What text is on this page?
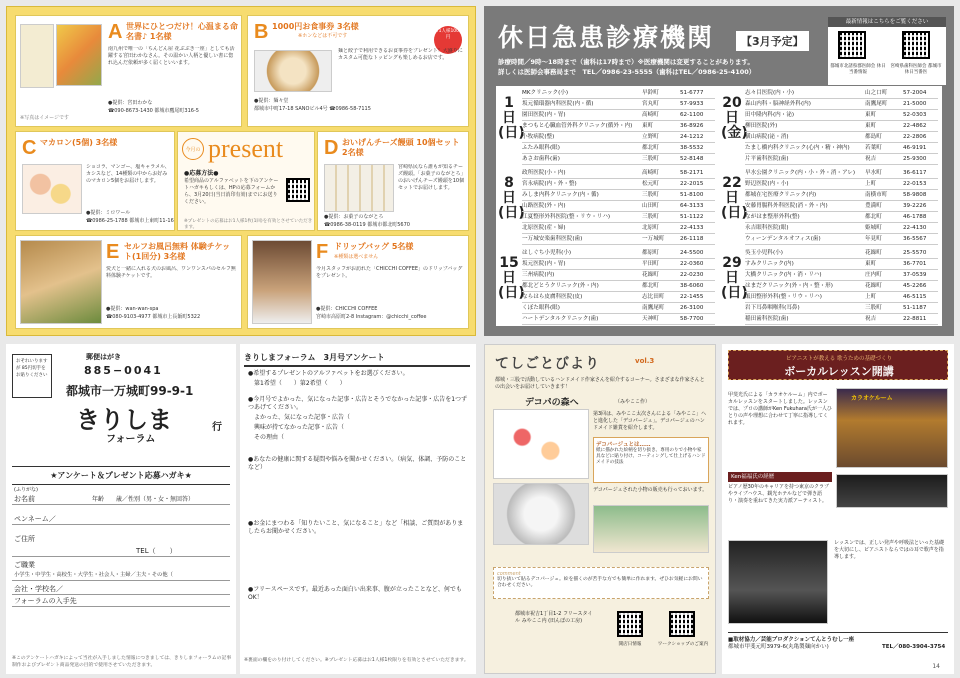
※写真はイメージです
A 世界にひとつだけ！心温まる命名書♪ 1名様
南九州で唯一の「ちんどん屋 花ぶぶき一座」としても活躍する宮田わかなさん。その温かい人柄と優しい書に惚れ込んだ依頼が多く届くといいます。
●提供：宮田わかな
☎090-8673-1430 都城市鷹尾町316-5
B 1000円お食事券 3名様
※ホンなどは不可です
お1人様1000円
麺と餃子で利用できるお食事券をプレゼント！大盛りにカスタム可能なトッピングも楽しめるお店です。
●提供：麺々堂
都城市中町17-18 SANOビル4号 ☎0986-58-7115
C マカロン(5個) 3名様
ショコラ、マンゴー、塩キャラメル、カシスなど、14種類の中からお好みのマカロン5個をお届けします。
●提供：ミロワール
☎0986-25-1788 都城市上東町11-16
今月の present
●応募方法●
希望商品のアルファベットを下のアンケートハガキもしくは、HPの応募フォームから、3月20日(当日消印有効)までにお送りください。
※プレゼントの応募はお1人様1枚(1回)を有効とさせていただきます。
D おいげんチーズ饅頭 10個セット 2名様
宮崎県民なら誰もが知るチーズ饅頭。「お菓子のながとろ」のおいげんチーズ饅頭を10個セットでお届けします。
●提供：お菓子のながとろ
☎0986-38-0119 都城市都北町5670
E セルフお風呂無料 体験チケット(1回分) 3名様
愛犬と一緒に入れる犬のお風呂、ワンワンスパのセルフ無料体験チケットです。
●提供：wan-wan-spa
☎080-9103-4977 都城市上長飯町5322
F ドリップバッグ 5名様
※種類は選べません
今月スタッフがお訪れた「CHICCHI COFFEE」のドリップバッグをプレゼント。
●提供：CHICCHI COFFEE
宮崎市高原町2-8 Instagram：@chicchi_coffee
休日急患診療機関	【3月予定】
診療時間／9時〜18時まで（歯科は17時まで）※医療機関は変更することがあります。
詳しくは医師会事務局まで　TEL／0986-23-5555（歯科はTEL／0986-25-4100）
最新情報はこちらをご覧ください
都城市北諸県郡医師会 休日当番情報
宮崎県歯科医師会 都城市 休日当番医
1日(日)
MKクリニック(小)	早鈴町	51-6777
坂元循環器内科医院(内・循)	宮丸町	57-9933
園田医院(内・胃)	高崎町	62-1100
まつもと心臓血管外科クリニック(循外・内)	東町	36-8926
小牧病院(整)	立野町	24-1212
ふたみ眼科(眼)	都北町	38-5532
あさお歯科(歯)	三股町	52-8148
8日(日)
政所医院(小・内)	高崎町	58-2171
宮永病院(内・外・整)	松元町	22-2015
みしま内科クリニック(内・循)	三股町	51-8100
山路医院(外・内)	山田町	64-3133
江夏整形外科医院(整・リウ・リハ)	三股町	51-1122
北原医院(産・婦)	北原町	22-4133
一万城安楽歯科医院(歯)	一万城町	26-1118
15日(日)
はしぐち小児科(小)	都原町	24-5500
坂元医院(内・胃)	平田町	22-0360
三州病院(内)	花繰町	22-0230
都北どとうクリニック(外・内)	都北町	38-6060
ならはら皮膚科医院(皮)	志比田町	22-1455
くぼた眼科(眼)	南鷹尾町	26-3100
ハートデンタルクリニック(歯)	天神町	58-7700
20日(金)
志々目医院(内・小)	山之口町	57-2004
森山内科・脳神経外科(内)	南鷹尾町	21-5000
田中隆内科(内・泌)	東町	52-0303
柳田医院(外)	東町	22-4862
横山病院(泌・消)	都島町	22-2806
たまし橋内科クリニック(心内・精・神内)	若葉町	46-9191
片平歯科医院(歯)	祝吉	25-9300
22日(日)
早水公園クリニック(内・小・外・消・アレ)	早水町	36-6117
野辺医院(内・小)	上町	22-0153
都城在宅医療クリニック(内)	南横市町	58-9808
安藤胃腸科外科医院(消・外・内)	豊満町	39-2226
ながはま整形外科(整)	都北町	46-1788
永吉眼科医院(眼)	姫城町	22-4130
ウィーンデンタルオフィス(歯)	年見町	36-5567
29日(日)
吳玉小児科(小)	花繰町	25-5570
すみクリニック(内)	東町	36-7701
大橋クリニック(内・消・リハ)	庄内町	37-0539
はまだクリニック(外・内・整・形)	花繰町	45-2266
飯田整形外科(整・リウ・リハ)	上町	46-5115
岩下耳鼻咽喉科(耳鼻)	三股町	51-1187
稲田歯科医院(歯)	祝吉	22-8811
おそれいりますが 85円切手を お貼りください
郵便はがき
885−0041
都城市一万城町99-9-1
きりしま
フォーラム
行
★アンケート＆プレゼント応募ハガキ★
(ふりがな)
お名前	年齢　　歳／性別（男・女・無回答）
ペンネーム／
ご住所
TEL（　　）
ご職業
小学生・中学生・高校生・大学生・社会人・主婦／主夫・その他（
会社・学校名／
フォーラムの入手先
※このアンケートハガキによって当社が入手しました情報につきましては、きりしまフォーラムの記事制作およびプレゼント商品発送の目的で使用させていただきます。
きりしまフォーラム　3月号アンケート
●希望するプレゼントのアルファベットをお選びください。
第1希望（　　）第2希望（　　）
●今月号でよかった、気になった記事・広告とそうでなかった記事・広告を1つずつあげてください。
よかった、気になった記事・広告（
興味が持てなかった記事・広告（
その理由（
●あなたの健康に関する疑問や悩みを聞かせください。（病気、体調、予防のことなど）
●お金にまつわる「知りたいこと、気になること」など「相談、ご質問がありましたらお聞かせください。
●フリースペースです。最近あった面白い出来事、腹が立ったことなど、何でもOK！
※裏面の欄をのり付けしてください。※プレゼント応募はお1人様1枚限りを有効とさせていただきます。
てしごとびより	vol.3
都城・三股で活動しているハンドメイド作家さんを紹介するコーナー。さまざまな作家さんとの出会いをお届けしていきます！
デコパの森へ	（みやここ作）
第3回は、みやここ太次さんによる「みやここ」へと進化した「デコパージュ」。デコパージュのハンドメイド雑貨を紹介します。
デコパージュとは……
紙に描かれた絵柄を切り抜き、専用のりで小物や家具などに貼り付け、コーティングして仕上げるハンドメイドの技法
デコパージュされた小物の販売も行っておいます。
comment
切り抜いて貼るデコパージュ。絵を描くのが苦手な方でも簡単に作れます。ぜひお気軽にお問い合わせください。
都城市祝吉1丁目1-2 フリースタイル みやここ内 (田んぼの工房)
開店日情報	ワークショップのご案内
ピアニストが教える 歌うための基礎づくり
ボーカルレッスン開講
甲斐光氏による「カラオケルーム」内でボーカルレッスンをスタートしました。レッスンでは、プロの講師がKen Fukuhara氏が一人ひとりの声や理想に合わせて丁寧に指導してくれます。
カラオケルーム
Ken福福氏の経歴
ピアノ歴30年のキャリアを持つ東京のクラブやライブハウス、観光ホテルなどで弾き語り・演奏を重ねてきた実力派アーティスト。
レッスンでは、正しい発声や呼吸法といった基礎を大切にし、ピアニストならではの耳で歌声を指導します。
■取材協力／芸能プロダクションてんとうむし一座
都城市甲斐元町3979-6(丸亀製麺向かい)	TEL／080-3904-3754
14
